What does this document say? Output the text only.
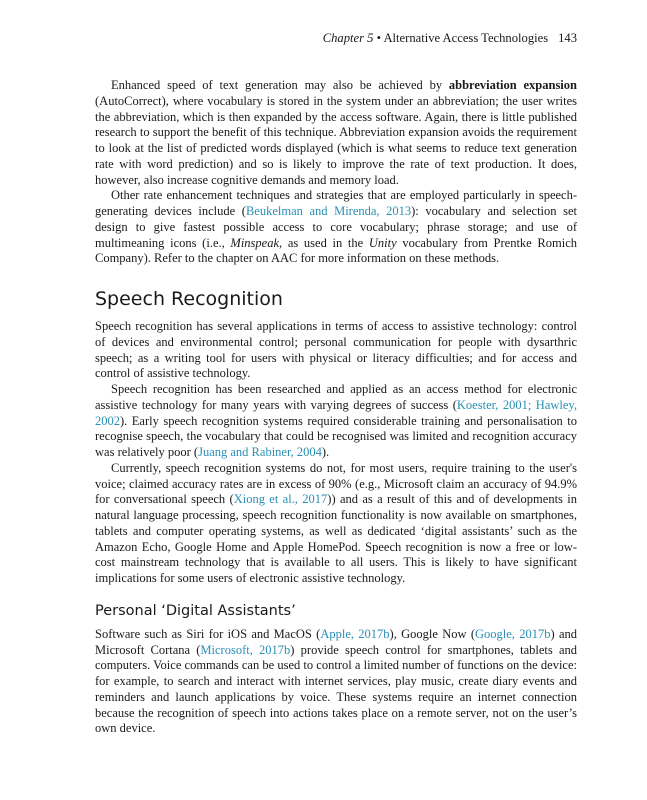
Chapter 5 • Alternative Access Technologies 143

Enhanced speed of text generation may also be achieved by abbreviation expansion (AutoCorrect), where vocabulary is stored in the system under an abbreviation; the user writes the abbreviation, which is then expanded by the access software. Again, there is little published research to support the benefit of this technique. Abbreviation expansion avoids the requirement to look at the list of predicted words displayed (which is what seems to reduce text generation rate with word prediction) and so is likely to improve the rate of text production. It does, however, also increase cognitive demands and memory load.

Other rate enhancement techniques and strategies that are employed particularly in speech-generating devices include (Beukelman and Mirenda, 2013): vocabulary and selection set design to give fastest possible access to core vocabulary; phrase storage; and use of multimeaning icons (i.e., Minspeak, as used in the Unity vocabulary from Prentke Romich Company). Refer to the chapter on AAC for more information on these methods.

Speech Recognition

Speech recognition has several applications in terms of access to assistive technology: control of devices and environmental control; personal communication for people with dysarthric speech; as a writing tool for users with physical or literacy difficulties; and for access and control of assistive technology.

Speech recognition has been researched and applied as an access method for electronic assistive technology for many years with varying degrees of success (Koester, 2001; Hawley, 2002). Early speech recognition systems required considerable training and personalisation to recognise speech, the vocabulary that could be recognised was limited and recognition accuracy was relatively poor (Juang and Rabiner, 2004).

Currently, speech recognition systems do not, for most users, require training to the user's voice; claimed accuracy rates are in excess of 90% (e.g., Microsoft claim an accuracy of 94.9% for conversational speech (Xiong et al., 2017)) and as a result of this and of developments in natural language processing, speech recognition functionality is now available on smartphones, tablets and computer operating systems, as well as dedicated ‘digital assistants’ such as the Amazon Echo, Google Home and Apple HomePod. Speech recognition is now a free or low-cost mainstream technology that is available to all users. This is likely to have significant implications for some users of electronic assistive technology.

Personal ‘Digital Assistants’

Software such as Siri for iOS and MacOS (Apple, 2017b), Google Now (Google, 2017b) and Microsoft Cortana (Microsoft, 2017b) provide speech control for smartphones, tablets and computers. Voice commands can be used to control a limited number of functions on the device: for example, to search and interact with internet services, play music, create diary events and reminders and launch applications by voice. These systems require an internet connection because the recognition of speech into actions takes place on a remote server, not on the user’s own device.
